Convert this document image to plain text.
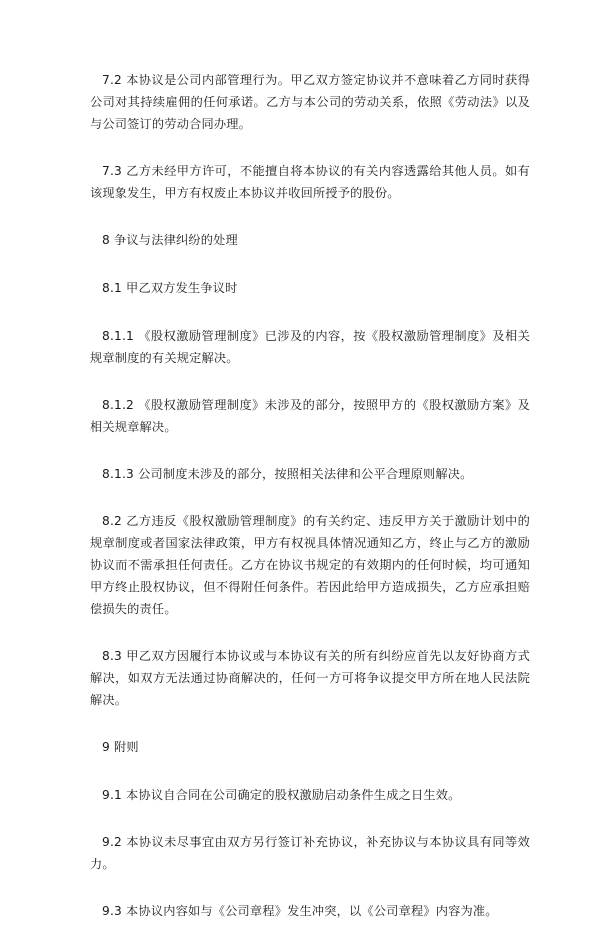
7.2 本协议是公司内部管理行为。甲乙双方签定协议并不意味着乙方同时获得公司对其持续雇佣的任何承诺。乙方与本公司的劳动关系，依照《劳动法》以及与公司签订的劳动合同办理。

7.3 乙方未经甲方许可，不能擅自将本协议的有关内容透露给其他人员。如有该现象发生，甲方有权废止本协议并收回所授予的股份。

8 争议与法律纠纷的处理

8.1 甲乙双方发生争议时

8.1.1 《股权激励管理制度》已涉及的内容，按《股权激励管理制度》及相关规章制度的有关规定解决。

8.1.2 《股权激励管理制度》未涉及的部分，按照甲方的《股权激励方案》及相关规章解决。

8.1.3 公司制度未涉及的部分，按照相关法律和公平合理原则解决。

8.2 乙方违反《股权激励管理制度》的有关约定、违反甲方关于激励计划中的规章制度或者国家法律政策，甲方有权视具体情况通知乙方，终止与乙方的激励协议而不需承担任何责任。乙方在协议书规定的有效期内的任何时候，均可通知甲方终止股权协议，但不得附任何条件。若因此给甲方造成损失，乙方应承担赔偿损失的责任。

8.3 甲乙双方因履行本协议或与本协议有关的所有纠纷应首先以友好协商方式解决，如双方无法通过协商解决的，任何一方可将争议提交甲方所在地人民法院解决。

9 附则

9.1 本协议自合同在公司确定的股权激励启动条件生成之日生效。

9.2 本协议未尽事宜由双方另行签订补充协议，补充协议与本协议具有同等效力。

9.3 本协议内容如与《公司章程》发生冲突，以《公司章程》内容为准。
